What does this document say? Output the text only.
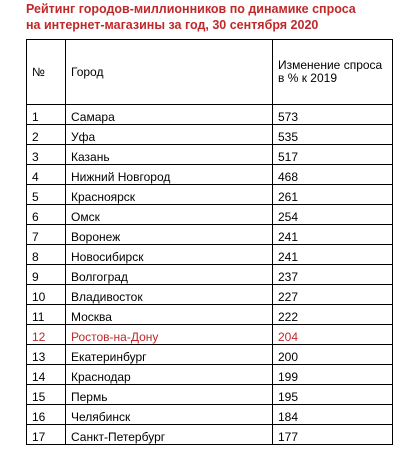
Рейтинг городов-миллионников по динамике спроса
на интернет-магазины за год, 30 сентября 2020
№	Город	Изменение спроса в % к 2019
1	Самара	573
2	Уфа	535
3	Казань	517
4	Нижний Новгород	468
5	Красноярск	261
6	Омск	254
7	Воронеж	241
8	Новосибирск	241
9	Волгоград	237
10	Владивосток	227
11	Москва	222
12	Ростов-на-Дону	204
13	Екатеринбург	200
14	Краснодар	199
15	Пермь	195
16	Челябинск	184
17	Санкт-Петербург	177
